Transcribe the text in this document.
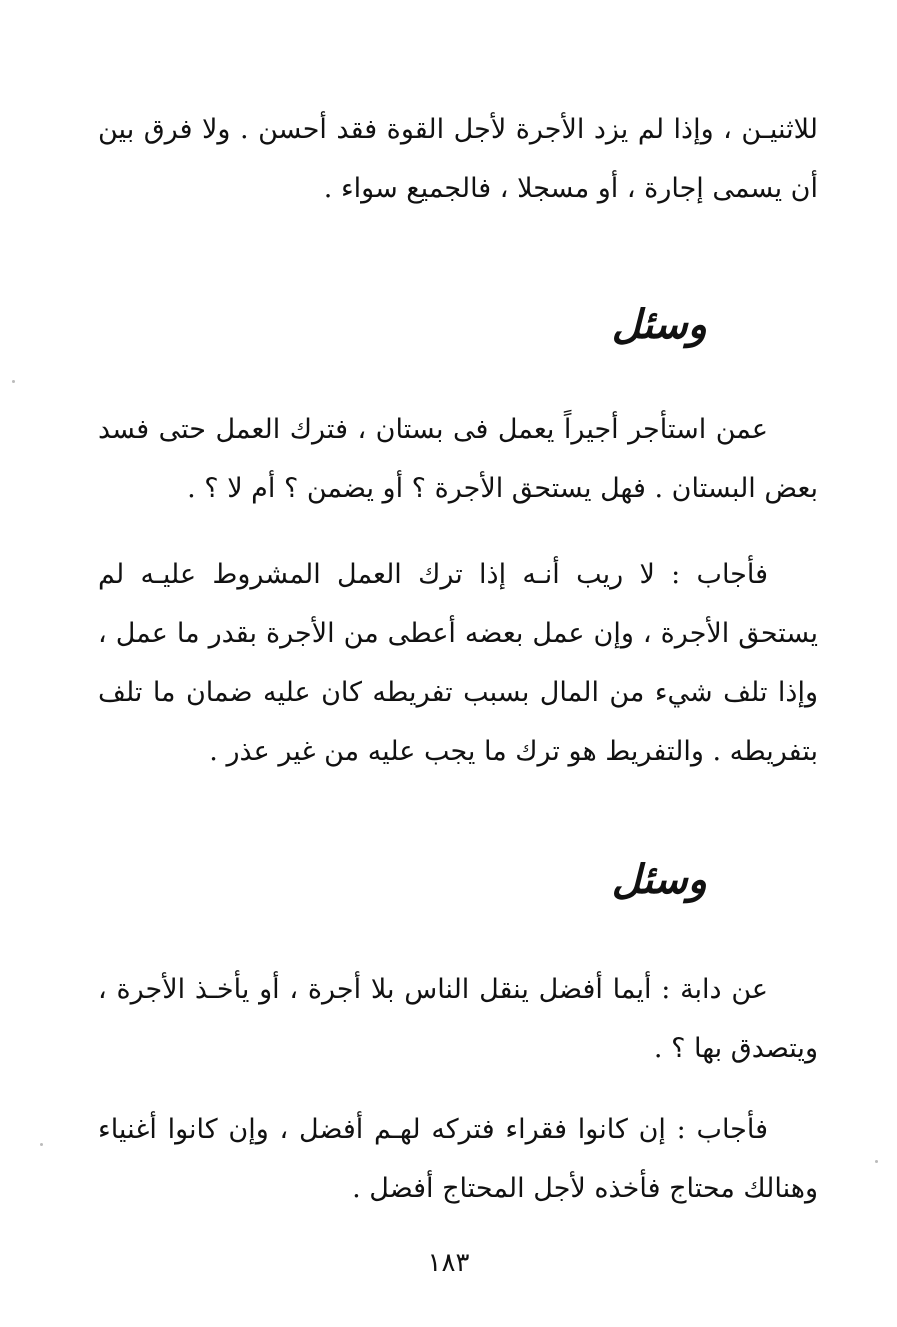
للاثنيـن ، وإذا لم يزد الأجرة لأجل القوة فقد أحسن . ولا فرق بين أن يسمى إجارة ، أو مسجلا ، فالجميع سواء .
وسئل
عمن استأجر أجيراً يعمل فى بستان ، فترك العمل حتى فسد بعض البستان . فهل يستحق الأجرة ؟ أو يضمن ؟ أم لا ؟ .
فأجاب : لا ريب أنـه إذا ترك العمل المشروط عليـه لم يستحق الأجرة ، وإن عمل بعضه أعطى من الأجرة بقدر ما عمل ، وإذا تلف شيء من المال بسبب تفريطه كان عليه ضمان ما تلف بتفريطه . والتفريط هو ترك ما يجب عليه من غير عذر .
وسئل
عن دابة : أيما أفضل ينقل الناس بلا أجرة ، أو يأخـذ الأجرة ، ويتصدق بها ؟ .
فأجاب : إن كانوا فقراء فتركه لهـم أفضل ، وإن كانوا أغنياء وهنالك محتاج فأخذه لأجل المحتاج أفضل .
١٨٣
